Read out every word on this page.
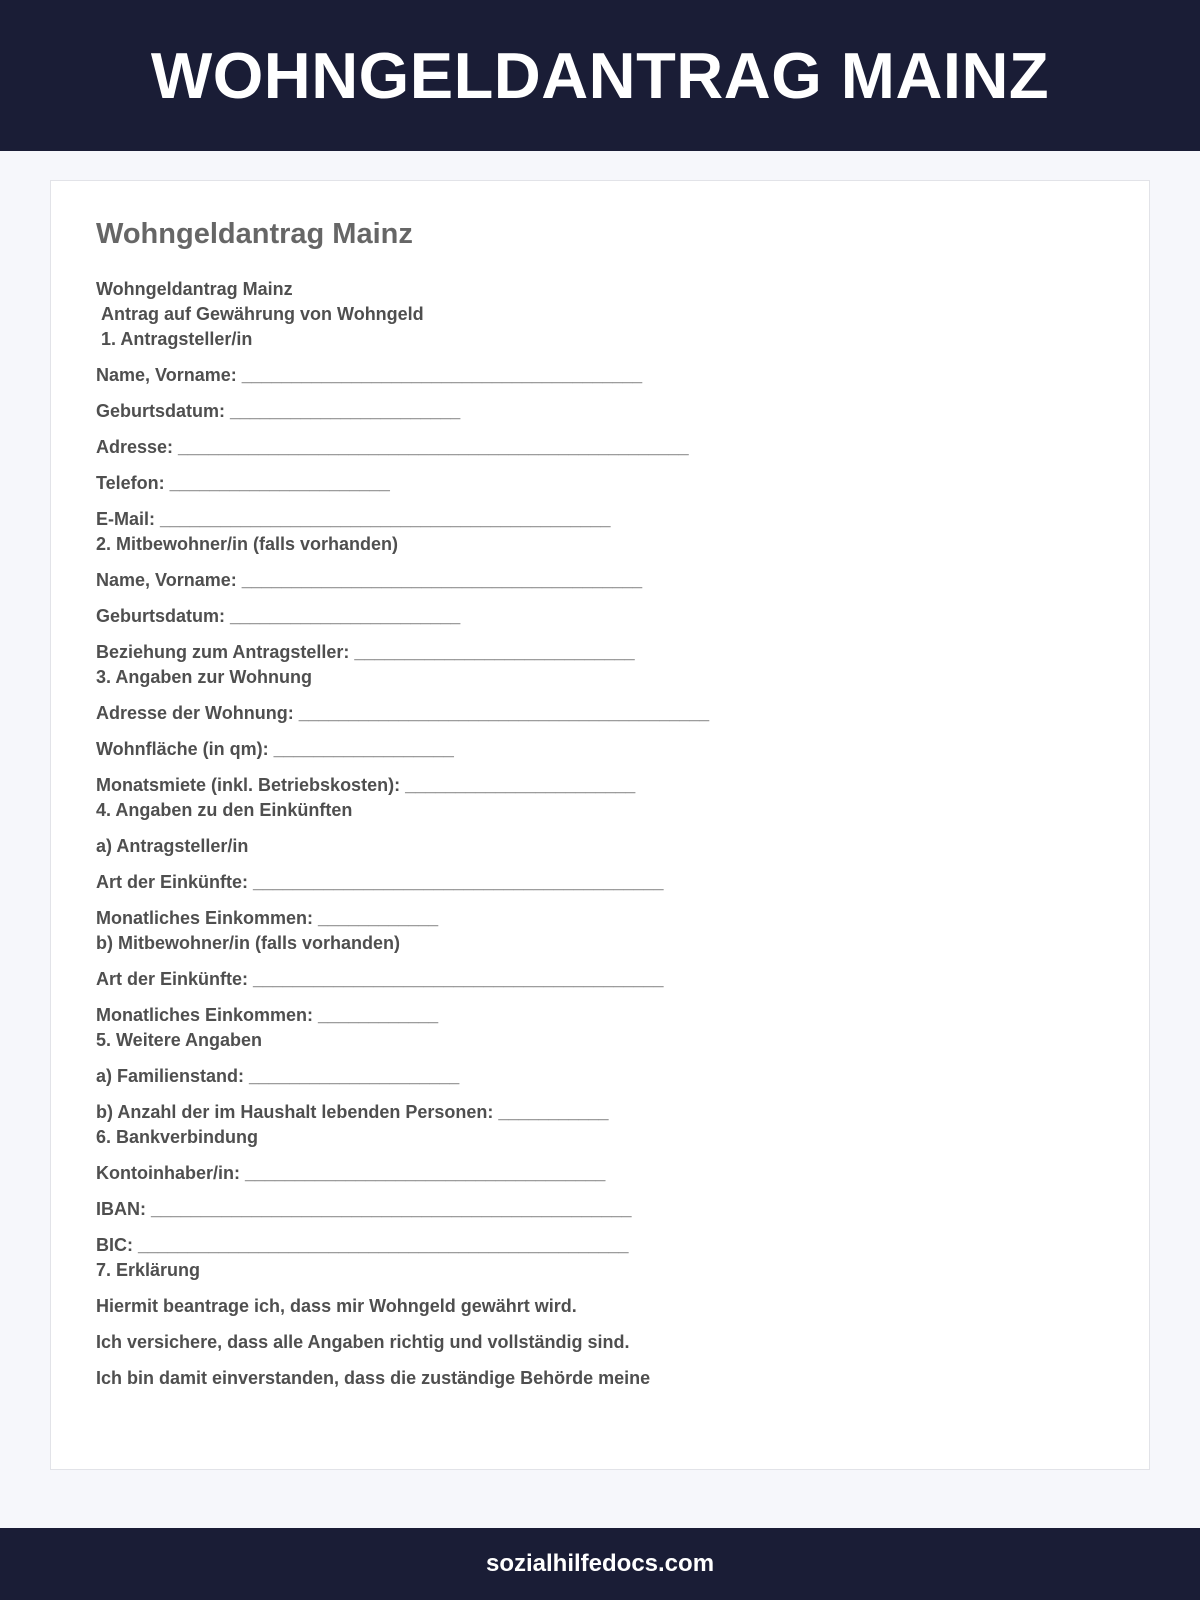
WOHNGELDANTRAG MAINZ
Wohngeldantrag Mainz

Wohngeldantrag Mainz
Antrag auf Gewährung von Wohngeld
1. Antragsteller/in

Name, Vorname: ________________________________________

Geburtsdatum: _______________________

Adresse: ___________________________________________________

Telefon: ______________________

E-Mail: _____________________________________________
2. Mitbewohner/in (falls vorhanden)

Name, Vorname: ________________________________________

Geburtsdatum: _______________________

Beziehung zum Antragsteller: ____________________________
3. Angaben zur Wohnung

Adresse der Wohnung: _________________________________________

Wohnfläche (in qm): __________________

Monatsmiete (inkl. Betriebskosten): _______________________
4. Angaben zu den Einkünften

a) Antragsteller/in

Art der Einkünfte: _________________________________________

Monatliches Einkommen: ____________
b) Mitbewohner/in (falls vorhanden)

Art der Einkünfte: _________________________________________

Monatliches Einkommen: ____________
5. Weitere Angaben

a) Familienstand: _____________________

b) Anzahl der im Haushalt lebenden Personen: ___________
6. Bankverbindung

Kontoinhaber/in: ____________________________________

IBAN: ________________________________________________

BIC: _________________________________________________
7. Erklärung

Hiermit beantrage ich, dass mir Wohngeld gewährt wird.

Ich versichere, dass alle Angaben richtig und vollständig sind.

Ich bin damit einverstanden, dass die zuständige Behörde meine

sozialhilfedocs.com
